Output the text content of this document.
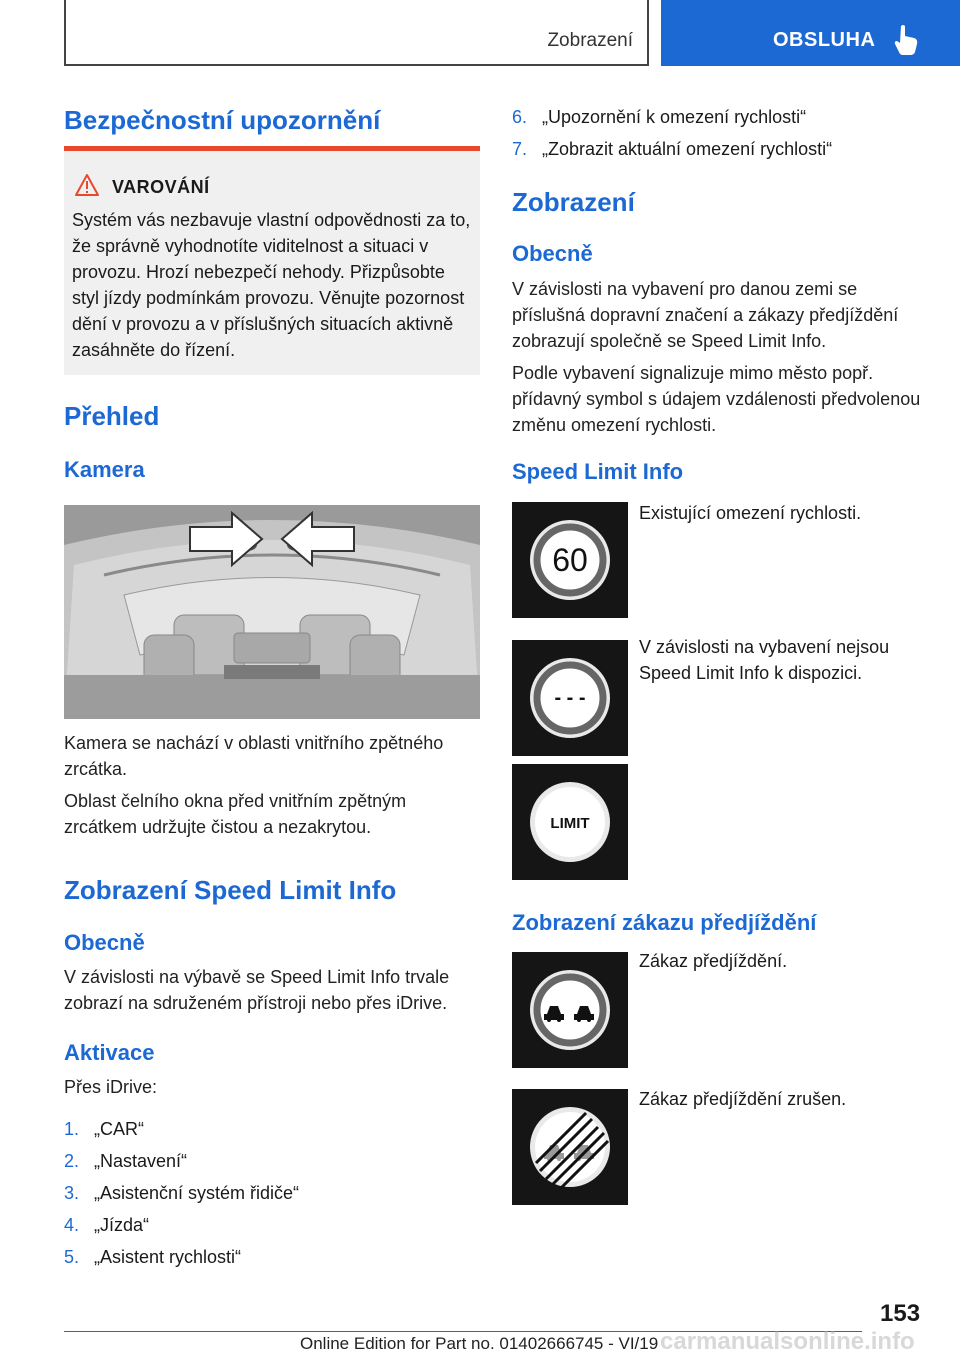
Zobrazení	OBSLUHA
Bezpečnostní upozornění
VAROVÁNÍ
Systém vás nezbavuje vlastní odpovědnosti za to, že správně vyhodnotíte viditelnost a situaci v provozu. Hrozí nebezpečí nehody. Přizpůsobte styl jízdy podmínkám provozu. Věnujte pozornost dění v provozu a v příslušných situacích aktivně zasáhněte do řízení.
Přehled
Kamera
Kamera se nachází v oblasti vnitřního zpětného zrcátka.
Oblast čelního okna před vnitřním zpětným zrcátkem udržujte čistou a nezakrytou.
Zobrazení Speed Limit Info
Obecně
V závislosti na výbavě se Speed Limit Info trvale zobrazí na sdruženém přístroji nebo přes iDrive.
Aktivace
Přes iDrive:
1. „CAR“
2. „Nastavení“
3. „Asistenční systém řidiče“
4. „Jízda“
5. „Asistent rychlosti“
6. „Upozornění k omezení rychlosti“
7. „Zobrazit aktuální omezení rychlosti“
Zobrazení
Obecně
V závislosti na vybavení pro danou zemi se příslušná dopravní značení a zákazy předjíždění zobrazují společně se Speed Limit Info.
Podle vybavení signalizuje mimo město popř. přídavný symbol s údajem vzdálenosti předvolenou změnu omezení rychlosti.
Speed Limit Info
60
Existující omezení rychlosti.
- - -
V závislosti na vybavení nejsou Speed Limit Info k dispozici.
LIMIT
Zobrazení zákazu předjíždění
Zákaz předjíždění.
Zákaz předjíždění zrušen.
153
Online Edition for Part no. 01402666745 - VI/19 carmanualsonline.info
